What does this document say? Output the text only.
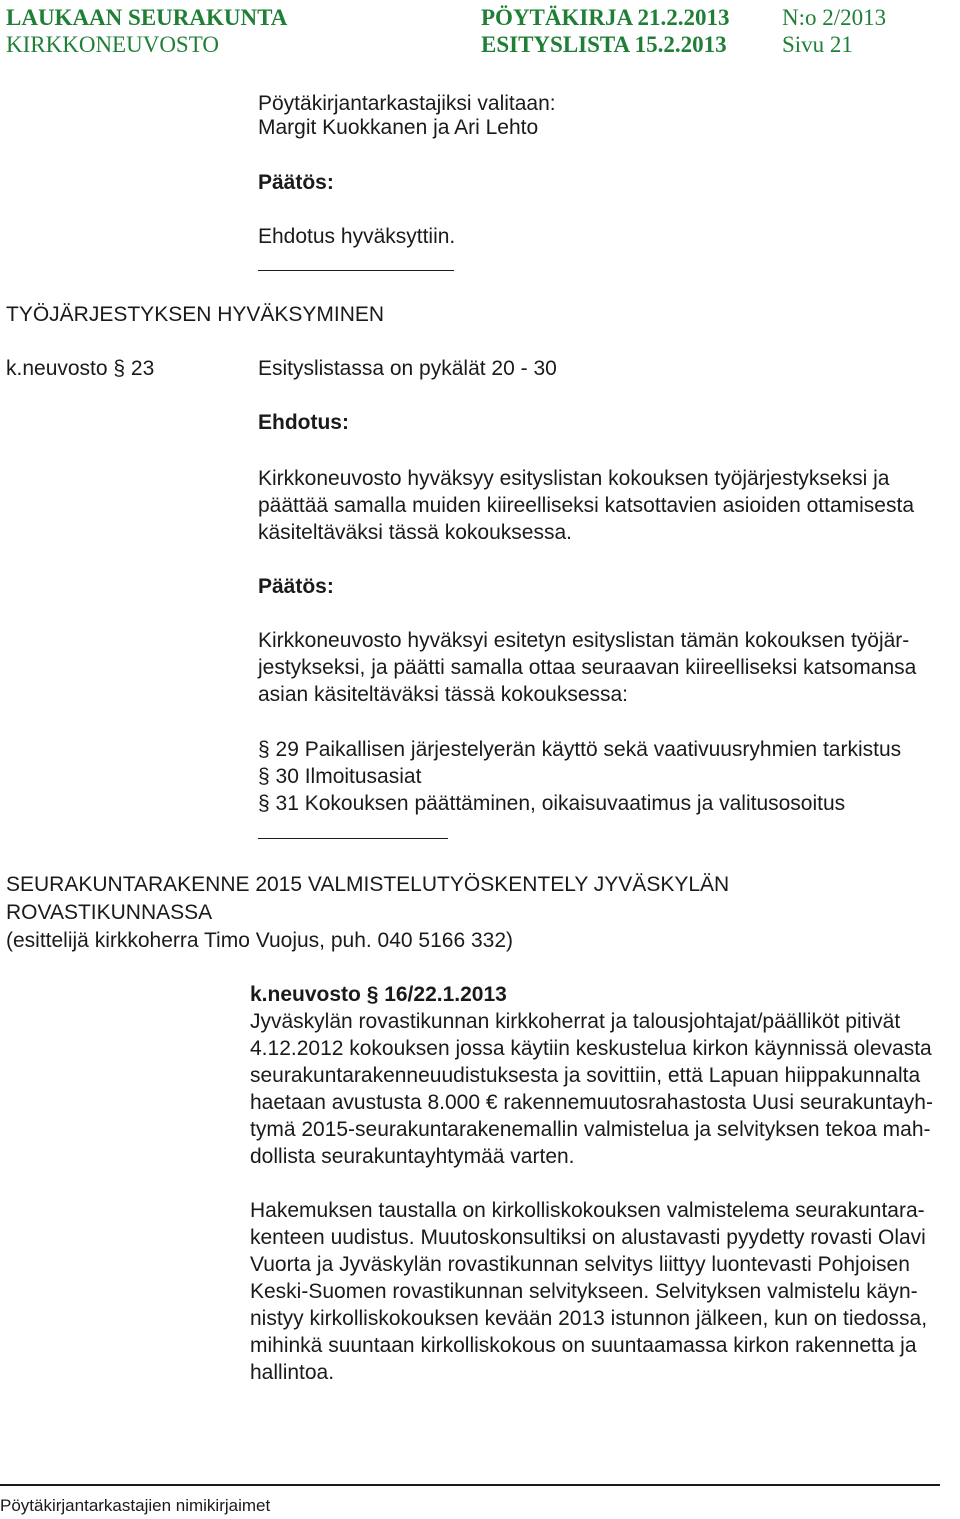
LAUKAAN SEURAKUNTA
KIRKKONEUVOSTO
PÖYTÄKIRJA 21.2.2013
ESITYSLISTA 15.2.2013
N:o 2/2013
Sivu 21
Pöytäkirjantarkastajiksi valitaan:
Margit Kuokkanen ja Ari Lehto
Päätös:
Ehdotus hyväksyttiin.
TYÖJÄRJESTYKSEN HYVÄKSYMINEN
k.neuvosto § 23	Esityslistassa on pykälät 20 - 30
Ehdotus:
Kirkkoneuvosto hyväksyy esityslistan kokouksen työjärjestykseksi ja
päättää samalla muiden kiireelliseksi katsottavien asioiden ottamisesta
käsiteltäväksi tässä kokouksessa.
Päätös:
Kirkkoneuvosto hyväksyi esitetyn esityslistan tämän kokouksen työjär-
jestykseksi, ja päätti samalla ottaa seuraavan kiireelliseksi katsomansa
asian käsiteltäväksi tässä kokouksessa:
§ 29 Paikallisen järjestelyerän käyttö sekä vaativuusryhmien tarkistus
§ 30 Ilmoitusasiat
§ 31 Kokouksen päättäminen, oikaisuvaatimus ja valitusosoitus
SEURAKUNTARAKENNE 2015 VALMISTELUTYÖSKENTELY JYVÄSKYLÄN
ROVASTIKUNNASSA
(esittelijä kirkkoherra Timo Vuojus, puh. 040 5166 332)
k.neuvosto § 16/22.1.2013
Jyväskylän rovastikunnan kirkkoherrat ja talousjohtajat/päälliköt pitivät
4.12.2012 kokouksen jossa käytiin keskustelua kirkon käynnissä olevasta
seurakuntarakenneuudistuksesta ja sovittiin, että Lapuan hiippakunnalta
haetaan avustusta 8.000 € rakennemuutosrahastosta Uusi seurakuntayh-
tymä 2015-seurakuntarakenemallin valmistelua ja selvityksen tekoa mah-
dollista seurakuntayhtymää varten.
Hakemuksen taustalla on kirkolliskokouksen valmistelema seurakuntara-
kenteen uudistus. Muutoskonsultiksi on alustavasti pyydetty rovasti Olavi
Vuorta ja Jyväskylän rovastikunnan selvitys liittyy luontevasti Pohjoisen
Keski-Suomen rovastikunnan selvitykseen. Selvityksen valmistelu käyn-
nistyy kirkolliskokouksen kevään 2013 istunnon jälkeen, kun on tiedossa,
mihinkä suuntaan kirkolliskokous on suuntaamassa kirkon rakennetta ja
hallintoa.
Pöytäkirjantarkastajien nimikirjaimet
